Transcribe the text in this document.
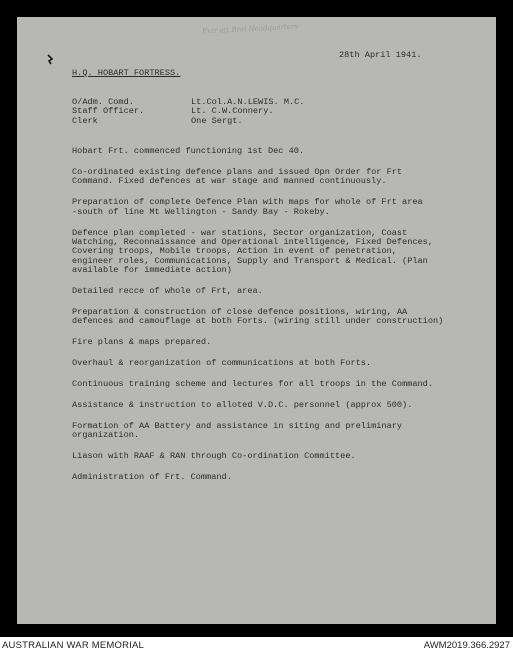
Extr att Brel Headquarters
28th April 1941.
H.Q. HOBART FORTRESS.
O/Adm. Comd.	Lt.Col.A.N.LEWIS. M.C.
Staff Officer.	Lt. C.W.Connery.
Clerk	One Sergt.
Hobart Frt. commenced functioning 1st Dec 40.
Co-ordinated existing defence plans and issued Opn Order for Frt
Command. Fixed defences at war stage and manned continuously.
Preparation of complete Defence Plan with maps for whole of Frt area
-south of line Mt Wellington - Sandy Bay - Rokeby.
Defence plan completed - war stations, Sector organization, Coast
Watching, Reconnaissance and Operational intelligence, Fixed Defences,
Covering troops, Mobile troops, Action in event of penetration,
engineer roles, Communications, Supply and Transport & Medical. (Plan
available for immediate action)
Detailed recce of whole of Frt, area.
Preparation & construction of close defence positions, wiring, AA
defences and camouflage at both Forts. (wiring still under construction)
Fire plans & maps prepared.
Overhaul & reorganization of communications at both Forts.
Continuous training scheme and lectures for all troops in the Command.
Assistance & instruction to alloted V.D.C. personnel (approx 500).
Formation of AA Battery and assistance in siting and preliminary
organization.
Liason with RAAF & RAN through Co-ordination Committee.
Administration of Frt. Command.
AUSTRALIAN WAR MEMORIAL	AWM2019.366.2927
